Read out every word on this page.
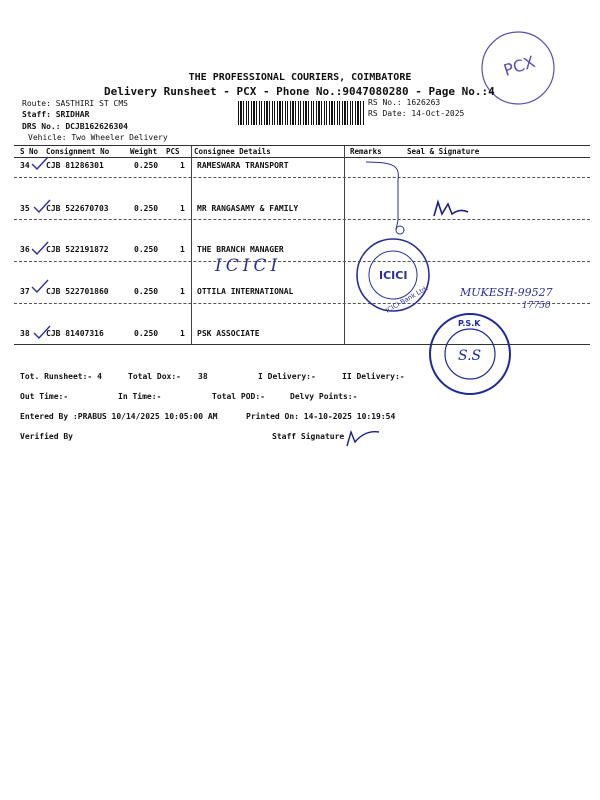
PCX
THE PROFESSIONAL COURIERS, COIMBATORE
Delivery Runsheet - PCX - Phone No.:9047080280 - Page No.:4
Route: SASTHIRI ST CMS
Staff: SRIDHAR
DRS No.: DCJB162626304
Vehicle: Two Wheeler Delivery
RS No.: 1626263
RS Date: 14-Oct-2025
S No Consignment No	Weight PCS Consignee Details	Remarks	Seal & Signature
34 CJB 81286301	0.250	1 RAMESWARA TRANSPORT
35 CJB 522670703	0.250	1 MR RANGASAMY & FAMILY
36 CJB 522191872	0.250	1 THE BRANCH MANAGER
37 CJB 522701860	0.250	1 OTTILA INTERNATIONAL
38 CJB 81407316	0.250	1 PSK ASSOCIATE
ICICI	ICICI
ICICI Bank Ltd.	MUKESH-99527
17750
P.S.K
S.S
Tot. Runsheet:- 4	Total Dox:- 38	I Delivery:-	II Delivery:-
Out Time:-	In Time:-	Total POD:-	Delvy Points:-
Entered By :PRABUS 10/14/2025 10:05:00 AM	Printed On: 14-10-2025 10:19:54
Verified By	Staff Signature
